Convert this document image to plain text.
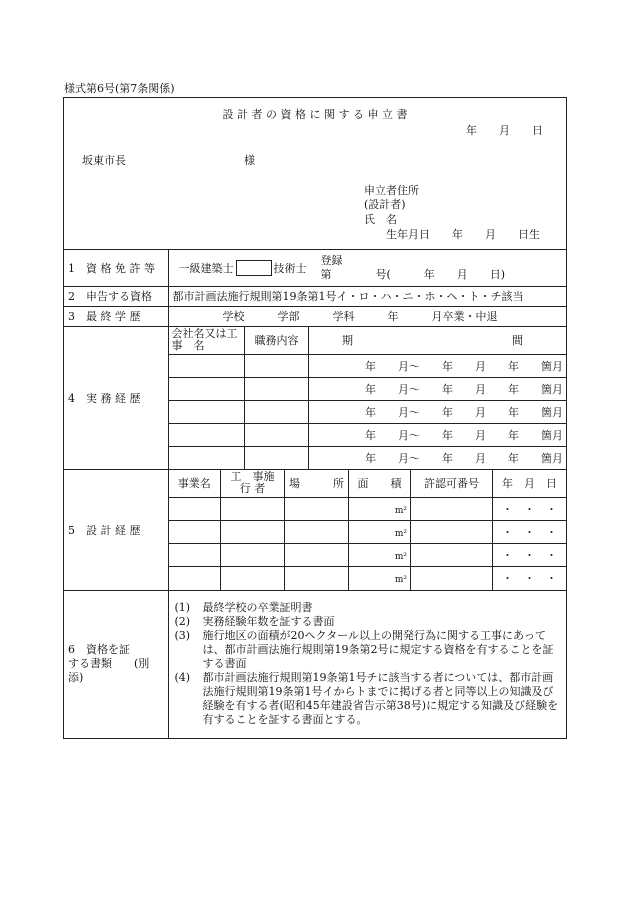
様式第6号(第7条関係)
設 計 者 の 資 格 に 関 す る 申 立 書
年　　月　　日
坂東市長	様
申立者住所
(設計者)
氏　名
生年月日　　年　　月　　日生
1　資 格 免 許 等	一級建築士	技術士
登録
第　　　　号(　　　年　　月　　日)

2　申告する資格	都市計画法施行規則第19条第1号イ・ロ・ハ・ニ・ホ・ヘ・ト・チ該当
3　最 終 学 歴	学校　　　学部　　　学科　　　年　　　月卒業・中退
4　実 務 経 歴	
会社名又は工　事　名	職務内容	期	間

		年　　月〜　　年　　月　　年　　箇月
		年　　月〜　　年　　月　　年　　箇月
		年　　月〜　　年　　月　　年　　箇月
		年　　月〜　　年　　月　　年　　箇月
		年　　月〜　　年　　月　　年　　箇月

5　設 計 経 歴	
事業名	工　事施 行 者	場　　　所	面　　積	許認可番号	年　月　日
			m²		・　・　・
			m²		・　・　・
			m²		・　・　・
			m²		・　・　・

6　資格を証　　する書類　　(別　添)

(1)	最終学校の卒業証明書
(2)	実務経験年数を証する書面
(3)	施行地区の面積が20ヘクタール以上の開発行為に関する工事にあっては、都市計画法施行規則第19条第2号に規定する資格を有することを証する書面
(4)	都市計画法施行規則第19条第1号チに該当する者については、都市計画法施行規則第19条第1号イからトまでに掲げる者と同等以上の知識及び経験を有する者(昭和45年建設省告示第38号)に規定する知識及び経験を有することを証する書面とする。
